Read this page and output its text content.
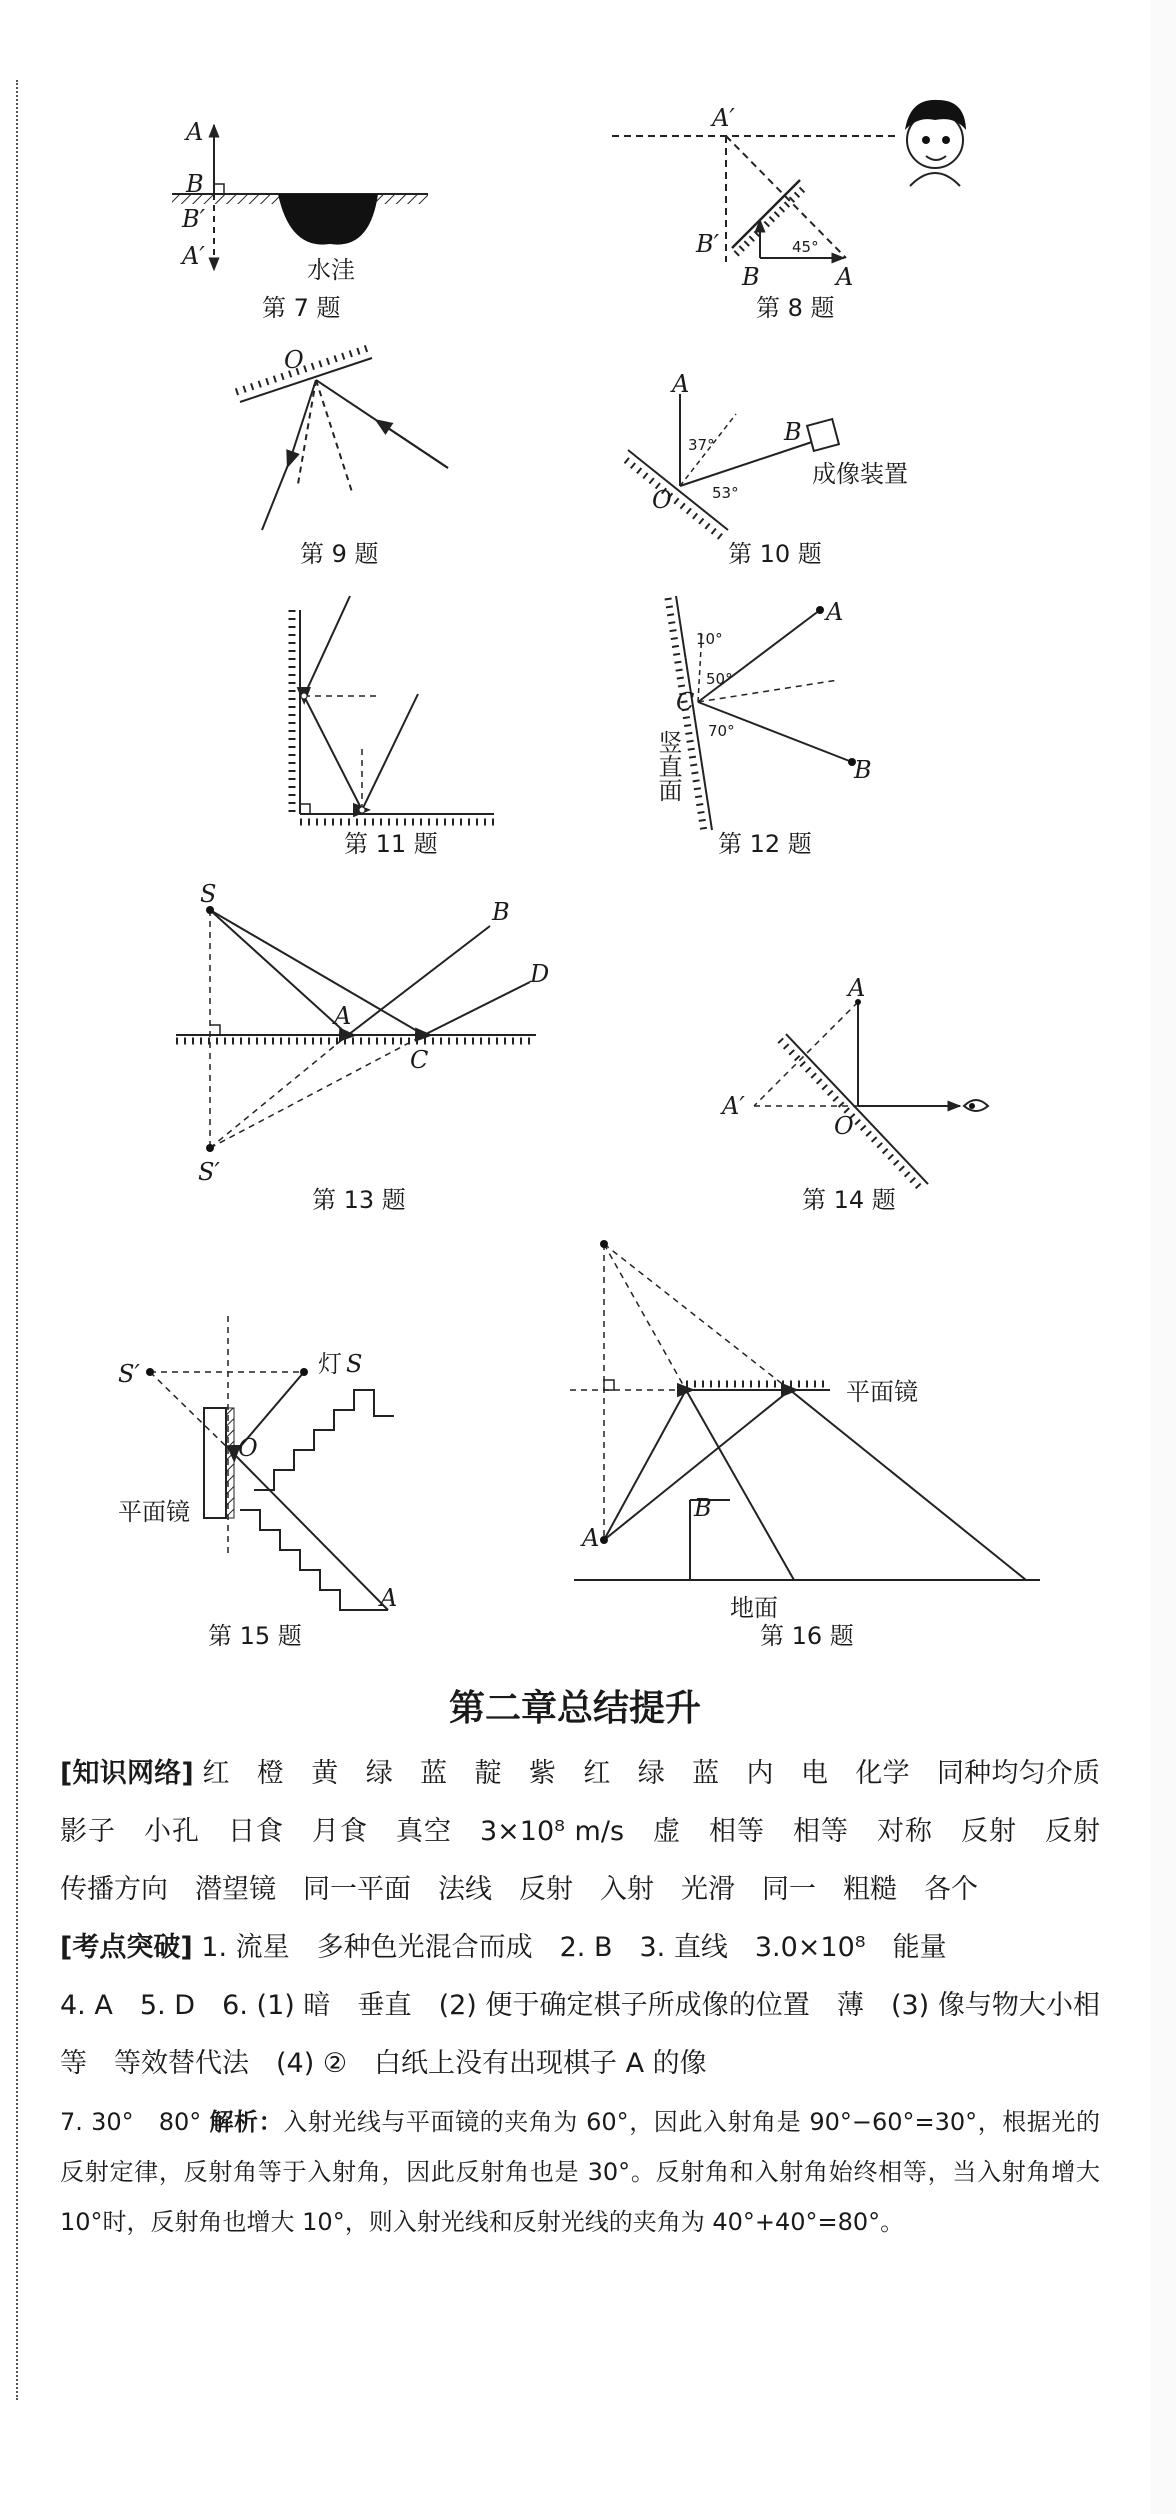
A
B
B′
A′	水洼
第 7 题
45°
A′
B′
B	A
第 8 题
O
第 9 题
A
B
O
37°
53°
成像装置
第 10 题
第 11 题
A
C
B
10°
50°
70°
竖直面
第 12 题
S
B
D
A
C
S′
第 13 题
A
A′
O
第 14 题
S′
O
A
灯 S
平面镜
第 15 题
B
A
平面镜
地面
第 16 题
第二章总结提升

[知识网络] 红　橙　黄　绿　蓝　靛　紫　红　绿　蓝　内　电　化学　同种均匀介质　影子　小孔　日食　月食　真空　3×10⁸ m/s　虚　相等　相等　对称　反射　反射　传播方向　潜望镜　同一平面　法线　反射　入射　光滑　同一　粗糙　各个

[考点突破] 1. 流星　多种色光混合而成　2. B　3. 直线　3.0×10⁸　能量

4. A　5. D　6. (1) 暗　垂直　(2) 便于确定棋子所成像的位置　薄　(3) 像与物大小相等　等效替代法　(4) ②　白纸上没有出现棋子 A 的像

7. 30°　80° 解析：入射光线与平面镜的夹角为 60°，因此入射角是 90°−60°=30°，根据光的反射定律，反射角等于入射角，因此反射角也是 30°。反射角和入射角始终相等，当入射角增大 10°时，反射角也增大 10°，则入射光线和反射光线的夹角为 40°+40°=80°。
